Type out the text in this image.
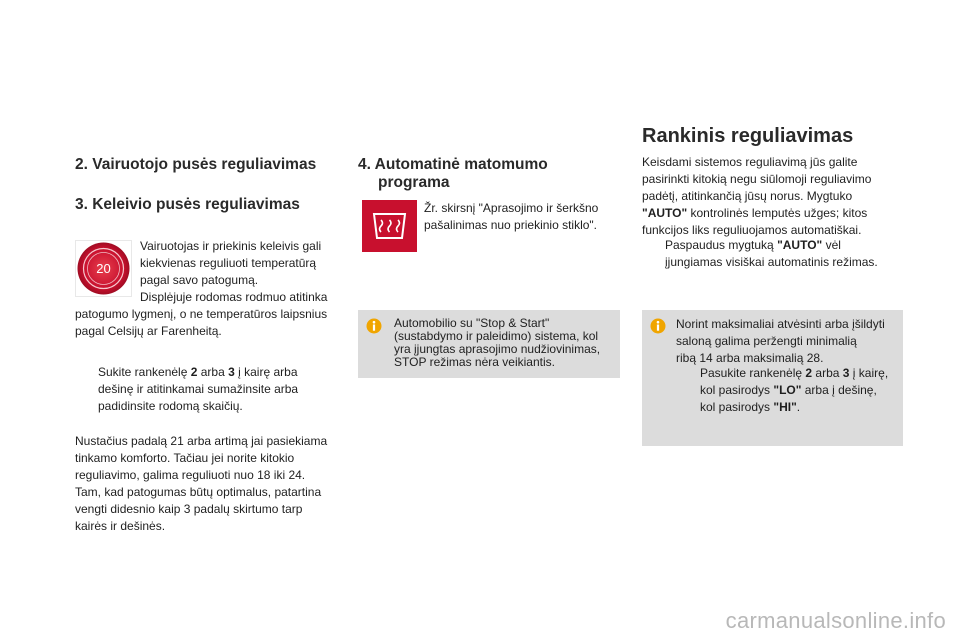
2. Vairuotojo pusės reguliavimas
3. Keleivio pusės reguliavimas
20

Vairuotojas ir priekinis keleivis gali

kiekvienas reguliuoti temperatūrą

pagal savo patogumą.

Displėjuje rodomas rodmuo atitinka

patogumo lygmenį, o ne temperatūros laipsnius

pagal Celsijų ar Farenheitą.

Sukite rankenėlę 2 arba 3 į kairę arba

dešinę ir atitinkamai sumažinsite arba

padidinsite rodomą skaičių.

Nustačius padalą 21 arba artimą jai pasiekiama

tinkamo komforto. Tačiau jei norite kitokio

reguliavimo, galima reguliuoti nuo 18 iki 24.

Tam, kad patogumas būtų optimalus, patartina

vengti didesnio kaip 3 padalų skirtumo tarp

kairės ir dešinės.

4. Automatinė matomumo
programa

Žr. skirsnį "Aprasojimo ir šerkšno

pašalinimas nuo priekinio stiklo".

Automobilio su "Stop & Start"

(sustabdymo ir paleidimo) sistema, kol

yra įjungtas aprasojimo nudžiovinimas,

STOP režimas nėra veikiantis.

Rankinis reguliavimas

Keisdami sistemos reguliavimą jūs galite

pasirinkti kitokią negu siūlomoji reguliavimo

padėtį, atitinkančią jūsų norus. Mygtuko

"AUTO" kontrolinės lemputės užges; kitos

funkcijos liks reguliuojamos automatiškai.

Paspaudus mygtuką "AUTO" vėl

įjungiamas visiškai automatinis režimas.

Norint maksimaliai atvėsinti arba įšildyti

saloną galima peržengti minimalią

ribą 14 arba maksimalią 28.

Pasukite rankenėlę 2 arba 3 į kairę,

kol pasirodys "LO" arba į dešinę,

kol pasirodys "HI".

carmanualsonline.info
